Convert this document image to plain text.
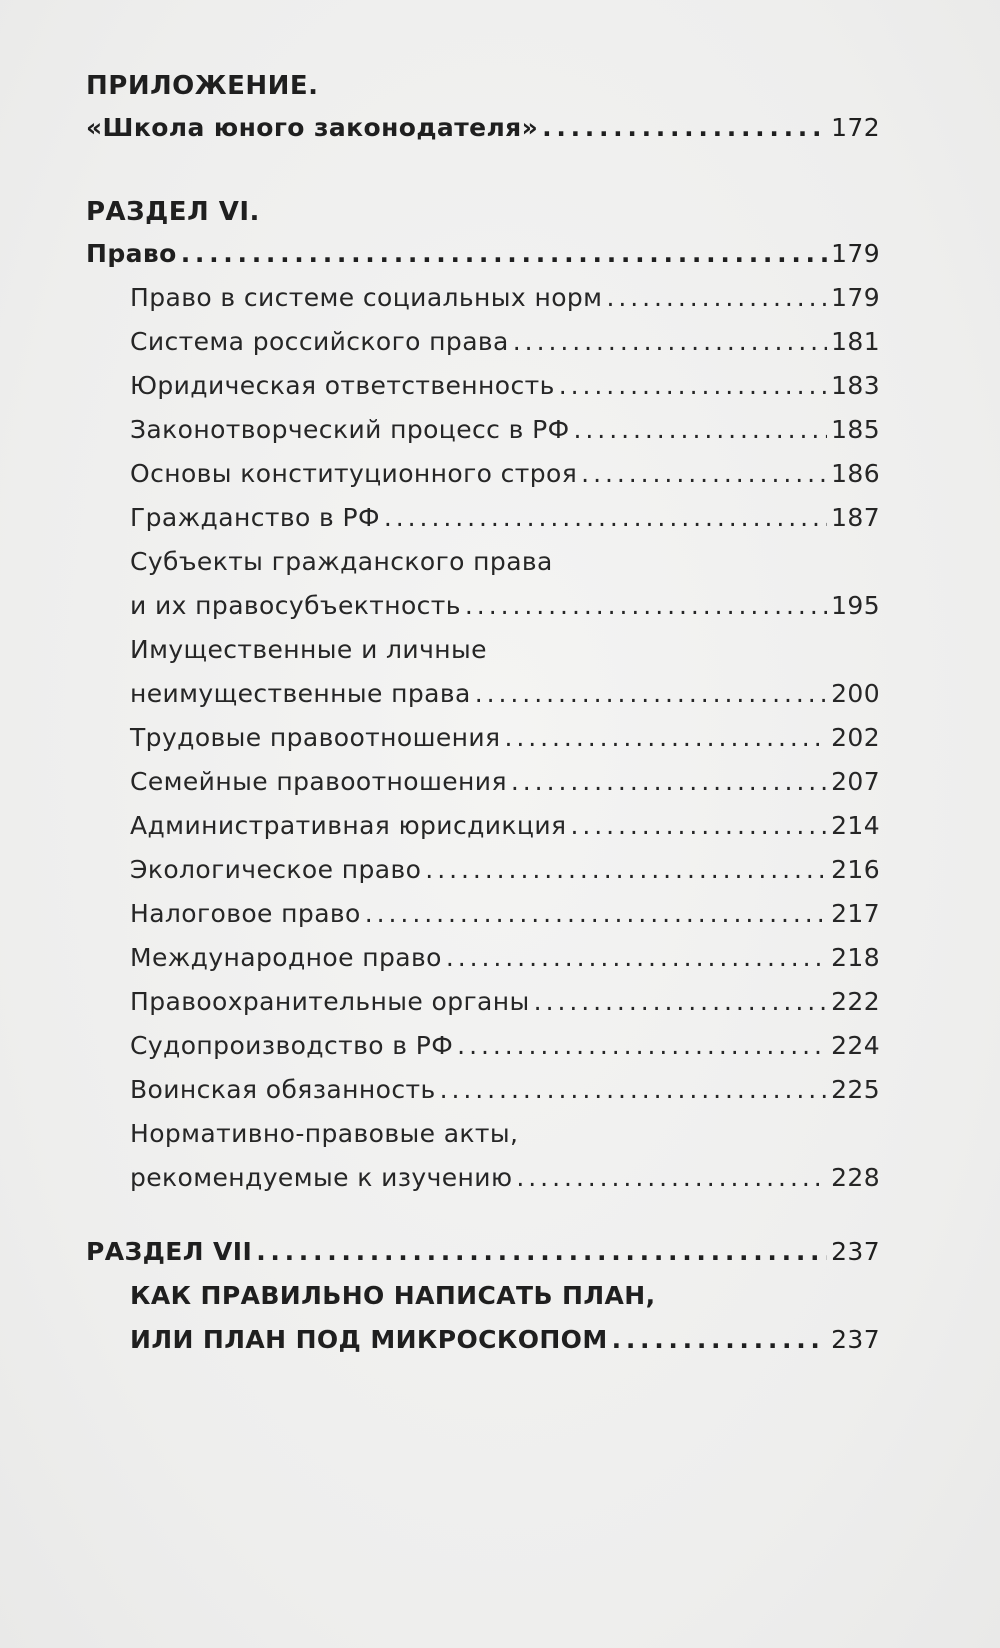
ПРИЛОЖЕНИЕ.
«Школа юного законодателя» . . .	172
РАЗДЕЛ VI.
Право . . .	179
Право в системе социальных норм . . .	179
Система российского права . . .	181
Юридическая ответственность . . .	183
Законотворческий процесс в РФ . . .	185
Основы конституционного строя . . .	186
Гражданство в РФ . . .	187
Субъекты гражданского права
и их правосубъектность . . .	195
Имущественные и личные
неимущественные права . . .	200
Трудовые правоотношения . . .	202
Семейные правоотношения . . .	207
Административная юрисдикция . . .	214
Экологическое право . . .	216
Налоговое право . . .	217
Международное право . . .	218
Правоохранительные органы . . .	222
Судопроизводство в РФ . . .	224
Воинская обязанность . . .	225
Нормативно-правовые акты,
рекомендуемые к изучению . . .	228
РАЗДЕЛ VII . . .	237
КАК ПРАВИЛЬНО НАПИСАТЬ ПЛАН,
ИЛИ ПЛАН ПОД МИКРОСКОПОМ . . .	237
